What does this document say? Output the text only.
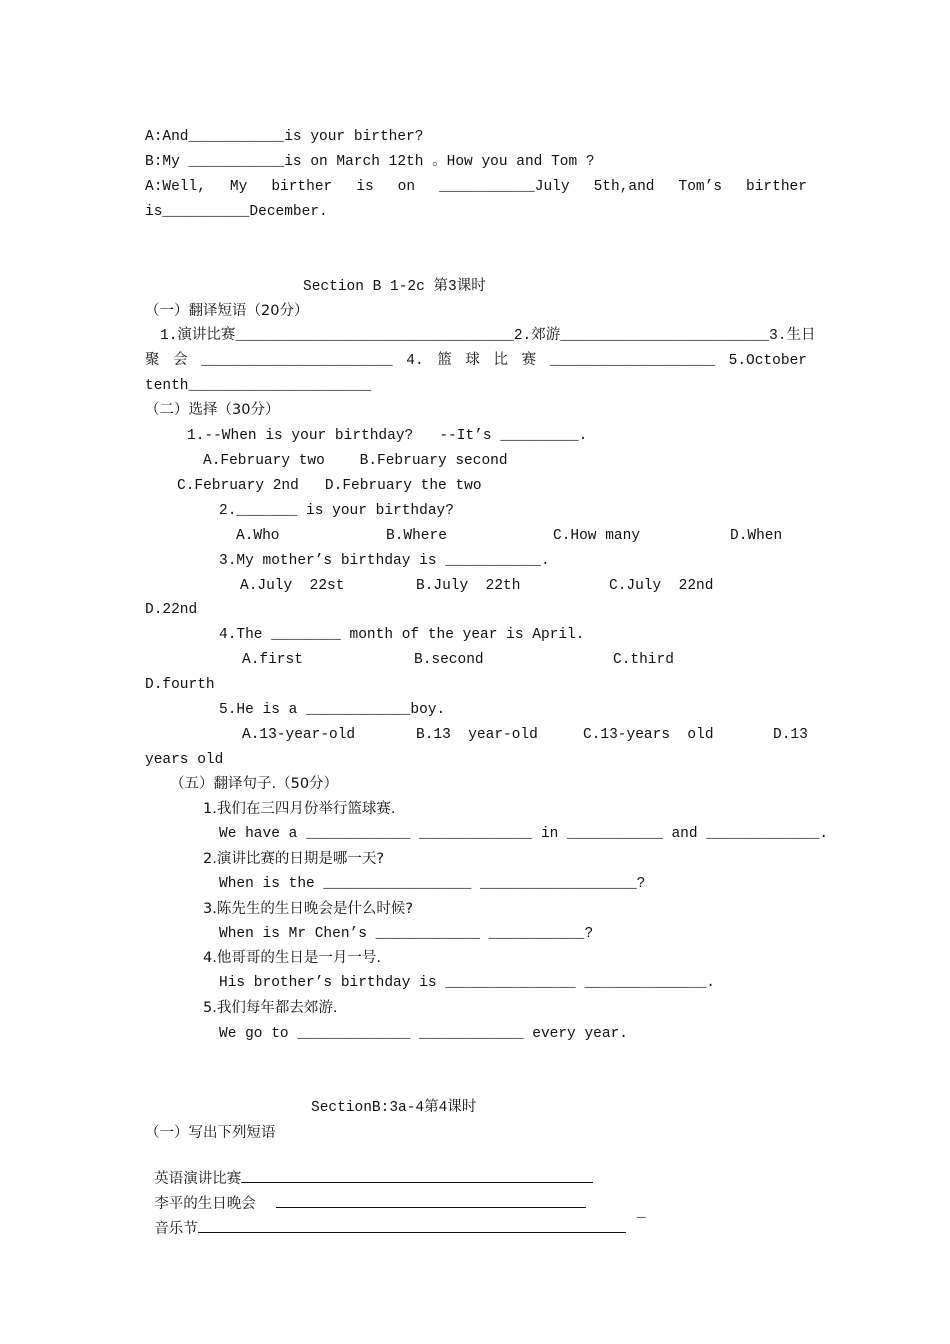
A:And___________is your birther?
B:My ___________is on March 12th 。How you and Tom ?
A:Well, My birther is on ___________July 5th,and Tom’s birther
is__________December.
Section B 1-2c 第3课时
（一）翻译短语（20分）
1.演讲比赛________________________________ 2.郊游________________________ 3.生日
聚 会 ______________________ 4. 篮 球 比 赛 ___________________ 5.October
tenth_____________________
（二）选择（30分）
1.--When is your birthday?   --It’s _________.
A.February two    B.February second
C.February 2nd   D.February the two
2._______ is your birthday?
A.Who	B.Where	C.How many	D.When
3.My mother’s birthday is ___________.
A.July  22st	B.July  22th	C.July  22nd
D.22nd
4.The ________ month of the year is April.
A.first	B.second	C.third
D.fourth
5.He is a ____________boy.
A.13-year-old	B.13  year-old	C.13-years  old	D.13
years old
（五）翻译句子.（50分）
1.我们在三四月份举行篮球赛.
We have a ____________ _____________ in ___________ and _____________.
2.演讲比赛的日期是哪一天?
When is the _________________ __________________?
3.陈先生的生日晚会是什么时候?
When is Mr Chen’s ____________ ___________?
4.他哥哥的生日是一月一号.
His brother’s birthday is _______________ ______________.
5.我们每年都去郊游.
We go to _____________ ____________ every year.
SectionB:3a-4第4课时
（一）写出下列短语

英语演讲比赛

李平的生日晚会

音乐节

_
